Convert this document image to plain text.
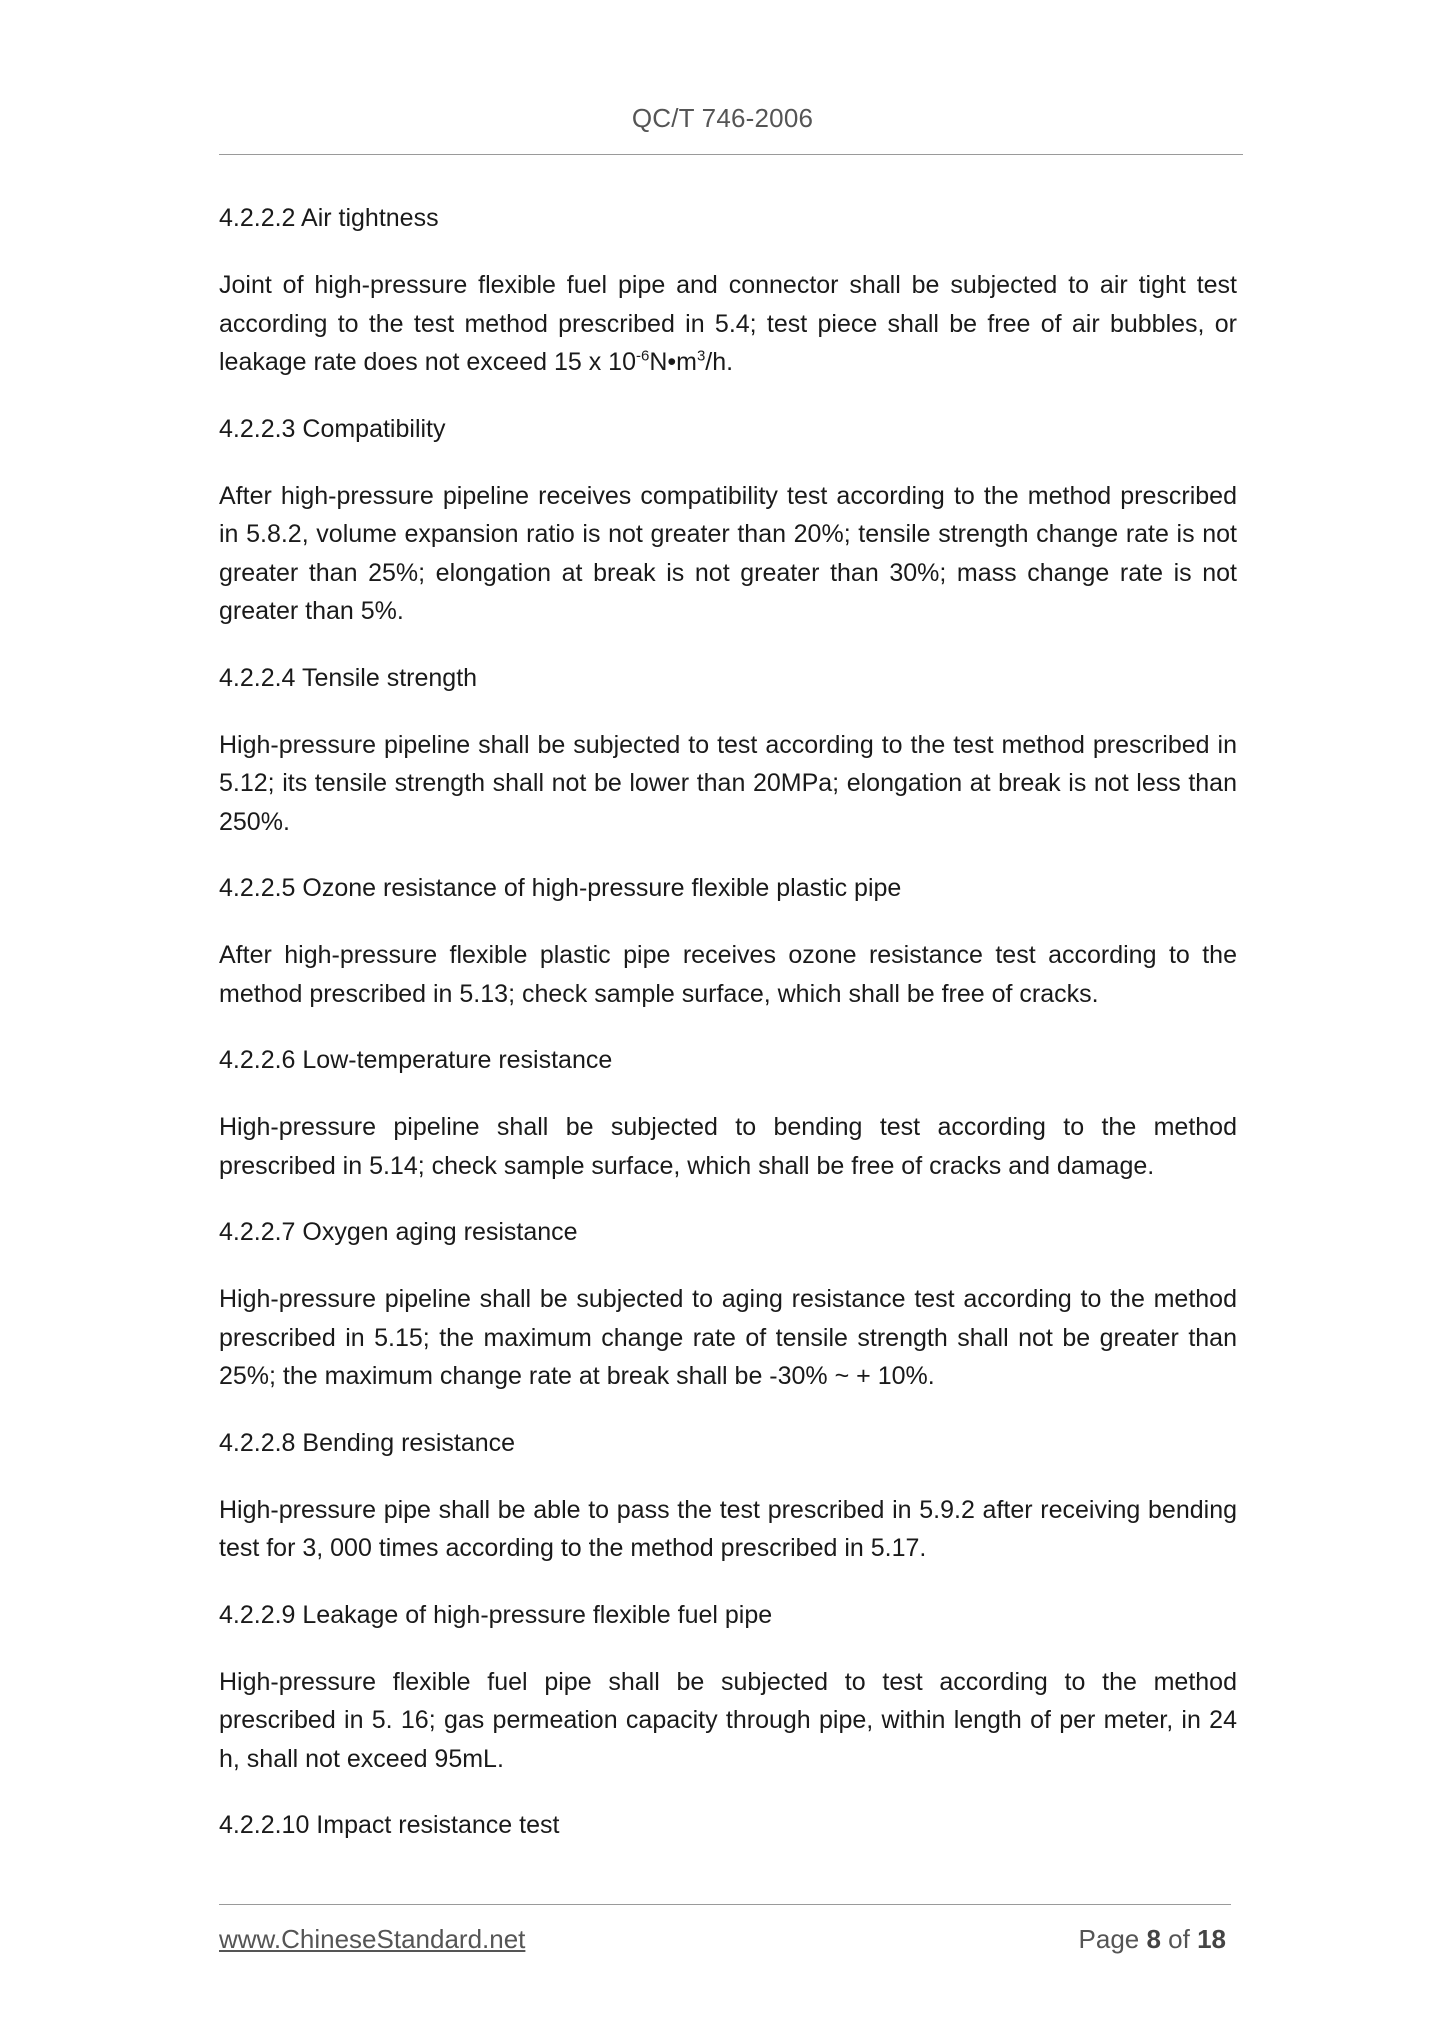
QC/T 746-2006
4.2.2.2 Air tightness
Joint of high-pressure flexible fuel pipe and connector shall be subjected to air tight test according to the test method prescribed in 5.4; test piece shall be free of air bubbles, or leakage rate does not exceed 15 x $10^{-6}N•m^3/h$.
4.2.2.3 Compatibility
After high-pressure pipeline receives compatibility test according to the method prescribed in 5.8.2, volume expansion ratio is not greater than 20%; tensile strength change rate is not greater than 25%; elongation at break is not greater than 30%; mass change rate is not greater than 5%.
4.2.2.4 Tensile strength
High-pressure pipeline shall be subjected to test according to the test method prescribed in 5.12; its tensile strength shall not be lower than 20MPa; elongation at break is not less than 250%.
4.2.2.5 Ozone resistance of high-pressure flexible plastic pipe
After high-pressure flexible plastic pipe receives ozone resistance test according to the method prescribed in 5.13; check sample surface, which shall be free of cracks.
4.2.2.6 Low-temperature resistance
High-pressure pipeline shall be subjected to bending test according to the method prescribed in 5.14; check sample surface, which shall be free of cracks and damage.
4.2.2.7 Oxygen aging resistance
High-pressure pipeline shall be subjected to aging resistance test according to the method prescribed in 5.15; the maximum change rate of tensile strength shall not be greater than 25%; the maximum change rate at break shall be -30% ~ + 10%.
4.2.2.8 Bending resistance
High-pressure pipe shall be able to pass the test prescribed in 5.9.2 after receiving bending test for 3, 000 times according to the method prescribed in 5.17.
4.2.2.9 Leakage of high-pressure flexible fuel pipe
High-pressure flexible fuel pipe shall be subjected to test according to the method prescribed in 5. 16; gas permeation capacity through pipe, within length of per meter, in 24 h, shall not exceed 95mL.
4.2.2.10 Impact resistance test
www.ChineseStandard.net	Page 8 of 18
